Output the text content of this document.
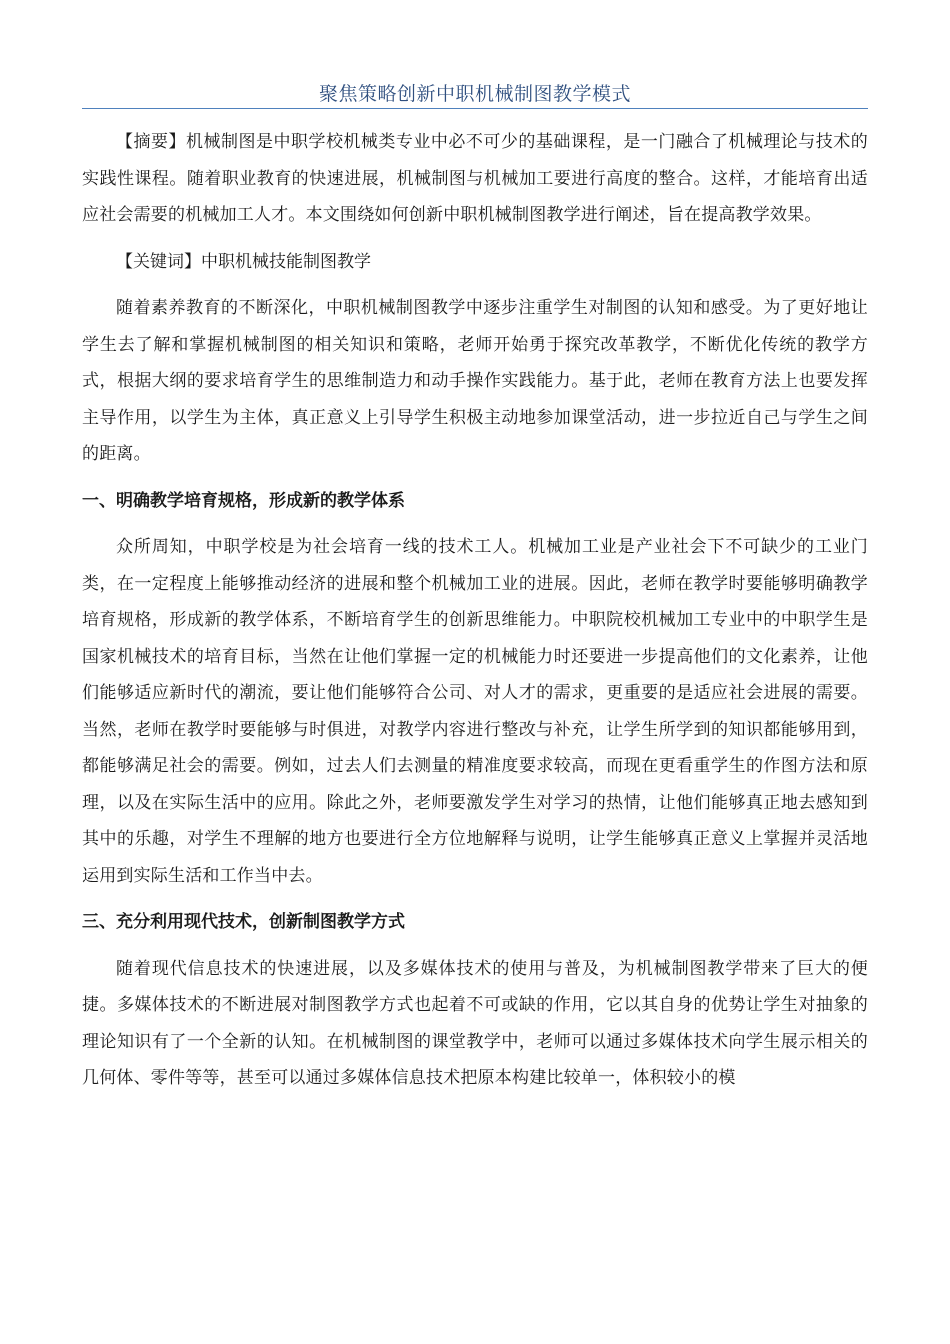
聚焦策略创新中职机械制图教学模式

【摘要】机械制图是中职学校机械类专业中必不可少的基础课程，是一门融合了机械理论与技术的实践性课程。随着职业教育的快速进展，机械制图与机械加工要进行高度的整合。这样，才能培育出适应社会需要的机械加工人才。本文围绕如何创新中职机械制图教学进行阐述，旨在提高教学效果。

【关键词】中职机械技能制图教学

随着素养教育的不断深化，中职机械制图教学中逐步注重学生对制图的认知和感受。为了更好地让学生去了解和掌握机械制图的相关知识和策略，老师开始勇于探究改革教学，不断优化传统的教学方式，根据大纲的要求培育学生的思维制造力和动手操作实践能力。基于此，老师在教育方法上也要发挥主导作用，以学生为主体，真正意义上引导学生积极主动地参加课堂活动，进一步拉近自己与学生之间的距离。

一、明确教学培育规格，形成新的教学体系

众所周知，中职学校是为社会培育一线的技术工人。机械加工业是产业社会下不可缺少的工业门类，在一定程度上能够推动经济的进展和整个机械加工业的进展。因此，老师在教学时要能够明确教学培育规格，形成新的教学体系，不断培育学生的创新思维能力。中职院校机械加工专业中的中职学生是国家机械技术的培育目标，当然在让他们掌握一定的机械能力时还要进一步提高他们的文化素养，让他们能够适应新时代的潮流，要让他们能够符合公司、对人才的需求，更重要的是适应社会进展的需要。当然，老师在教学时要能够与时俱进，对教学内容进行整改与补充，让学生所学到的知识都能够用到，都能够满足社会的需要。例如，过去人们去测量的精准度要求较高，而现在更看重学生的作图方法和原理，以及在实际生活中的应用。除此之外，老师要激发学生对学习的热情，让他们能够真正地去感知到其中的乐趣，对学生不理解的地方也要进行全方位地解释与说明，让学生能够真正意义上掌握并灵活地运用到实际生活和工作当中去。

三、充分利用现代技术，创新制图教学方式

随着现代信息技术的快速进展，以及多媒体技术的使用与普及，为机械制图教学带来了巨大的便捷。多媒体技术的不断进展对制图教学方式也起着不可或缺的作用，它以其自身的优势让学生对抽象的理论知识有了一个全新的认知。在机械制图的课堂教学中，老师可以通过多媒体技术向学生展示相关的几何体、零件等等，甚至可以通过多媒体信息技术把原本构建比较单一，体积较小的模
